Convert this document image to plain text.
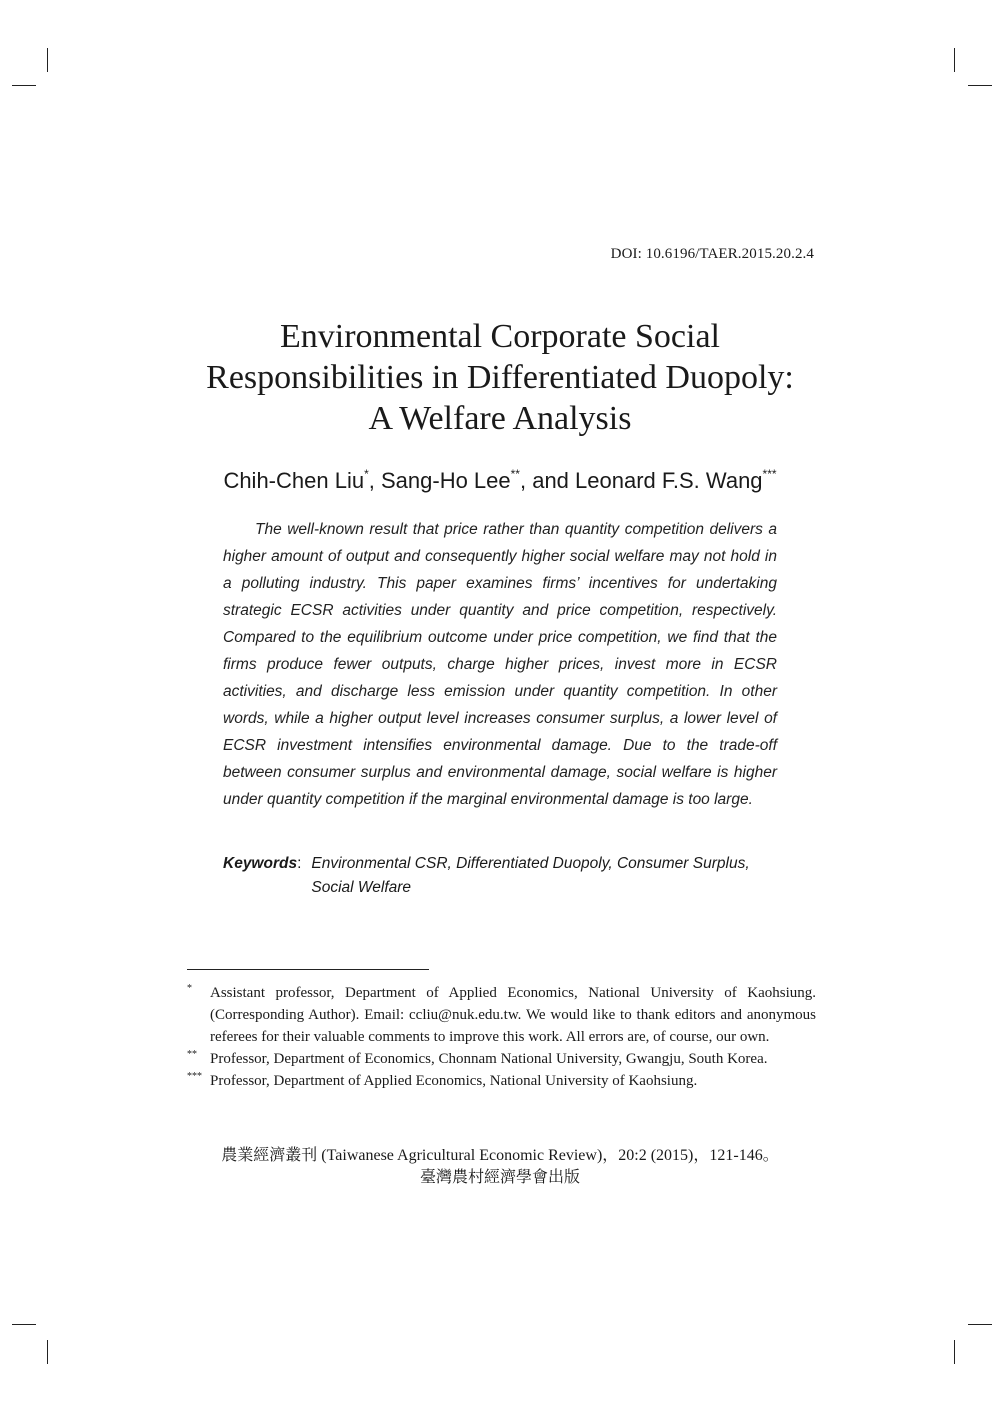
DOI: 10.6196/TAER.2015.20.2.4
Environmental Corporate Social
Responsibilities in Differentiated Duopoly:
A Welfare Analysis
Chih-Chen Liu*, Sang-Ho Lee**, and Leonard F.S. Wang***

The well-known result that price rather than quantity competition delivers a higher amount of output and consequently higher social welfare may not hold in a polluting industry. This paper examines firms’ incentives for undertaking strategic ECSR activities under quantity and price competition, respectively. Compared to the equilibrium outcome under price competition, we find that the firms produce fewer outputs, charge higher prices, invest more in ECSR activities, and discharge less emission under quantity competition. In other words, while a higher output level increases consumer surplus, a lower level of ECSR investment intensifies environmental damage. Due to the trade-off between consumer surplus and environmental damage, social welfare is higher under quantity competition if the marginal environmental damage is too large.

Keywords: Environmental CSR, Differentiated Duopoly, Consumer Surplus, Social Welfare
*	Assistant professor, Department of Applied Economics, National University of Kaohsiung. (Corresponding Author). Email: ccliu@nuk.edu.tw. We would like to thank editors and anonymous referees for their valuable comments to improve this work. All errors are, of course, our own.
** Professor, Department of Economics, Chonnam National University, Gwangju, South Korea.
*** Professor, Department of Applied Economics, National University of Kaohsiung.
農業經濟叢刊 (Taiwanese Agricultural Economic Review)，20:2 (2015)，121-146。
臺灣農村經濟學會出版
